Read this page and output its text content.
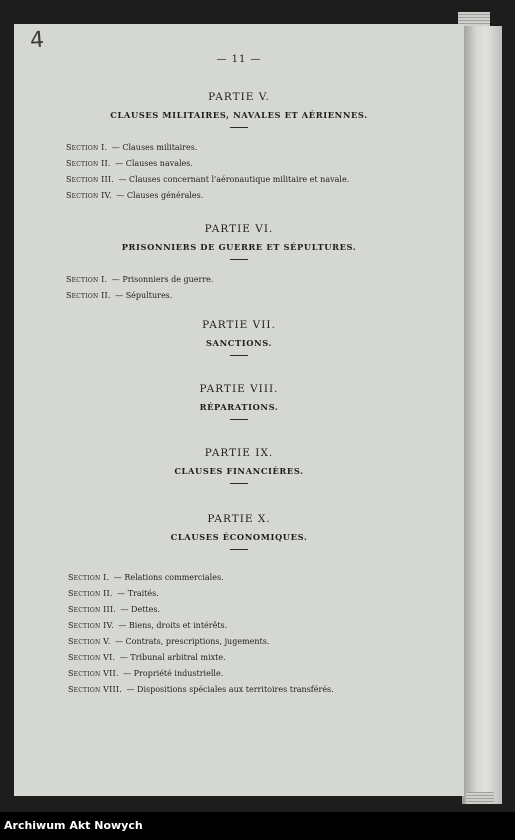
4
— 11 —
PARTIE V.
CLAUSES MILITAIRES, NAVALES ET AÉRIENNES.
Section I. — Clauses militaires.
Section II. — Clauses navales.
Section III. — Clauses concernant l'aéronautique militaire et navale.
Section IV. — Clauses générales.
PARTIE VI.
PRISONNIERS DE GUERRE ET SÉPULTURES.
Section I. — Prisonniers de guerre.
Section II. — Sépultures.
PARTIE VII.
SANCTIONS.
PARTIE VIII.
RÉPARATIONS.
PARTIE IX.
CLAUSES FINANCIÈRES.
PARTIE X.
CLAUSES ÉCONOMIQUES.
Section I. — Relations commerciales.
Section II. — Traités.
Section III. — Dettes.
Section IV. — Biens, droits et intérêts.
Section V. — Contrats, prescriptions, jugements.
Section VI. — Tribunal arbitral mixte.
Section VII. — Propriété industrielle.
Section VIII. — Dispositions spéciales aux territoires transférés.
Archiwum Akt Nowych
